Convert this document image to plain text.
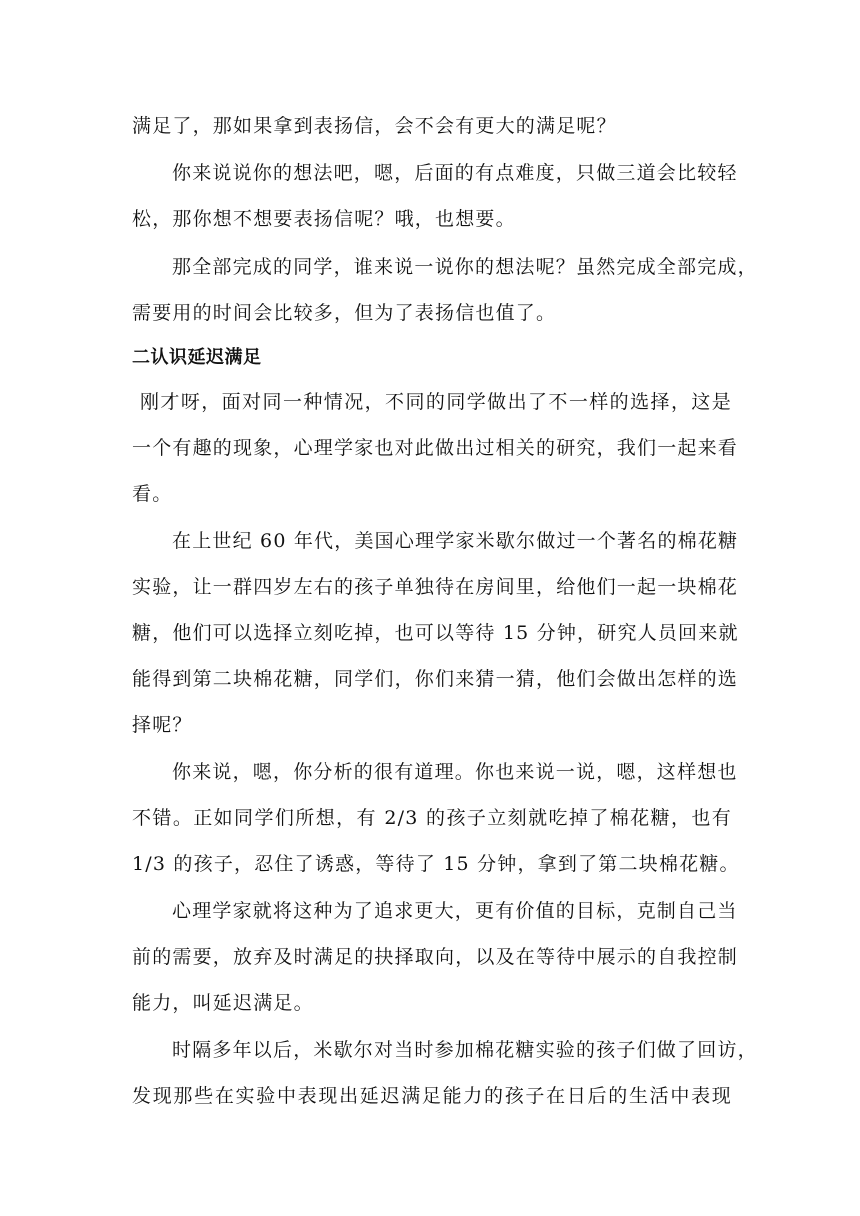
满足了，那如果拿到表扬信，会不会有更大的满足呢？
你来说说你的想法吧，嗯，后面的有点难度，只做三道会比较轻
松，那你想不想要表扬信呢？哦，也想要。
那全部完成的同学，谁来说一说你的想法呢？虽然完成全部完成，
需要用的时间会比较多，但为了表扬信也值了。
二认识延迟满足
刚才呀，面对同一种情况，不同的同学做出了不一样的选择，这是
一个有趣的现象，心理学家也对此做出过相关的研究，我们一起来看
看。
在上世纪 60 年代，美国心理学家米歇尔做过一个著名的棉花糖
实验，让一群四岁左右的孩子单独待在房间里，给他们一起一块棉花
糖，他们可以选择立刻吃掉，也可以等待 15 分钟，研究人员回来就
能得到第二块棉花糖，同学们，你们来猜一猜，他们会做出怎样的选
择呢？
你来说，嗯，你分析的很有道理。你也来说一说，嗯，这样想也
不错。正如同学们所想，有 2/3 的孩子立刻就吃掉了棉花糖，也有
1/3 的孩子，忍住了诱惑，等待了 15 分钟，拿到了第二块棉花糖。
心理学家就将这种为了追求更大，更有价值的目标，克制自己当
前的需要，放弃及时满足的抉择取向，以及在等待中展示的自我控制
能力，叫延迟满足。
时隔多年以后，米歇尔对当时参加棉花糖实验的孩子们做了回访，
发现那些在实验中表现出延迟满足能力的孩子在日后的生活中表现
